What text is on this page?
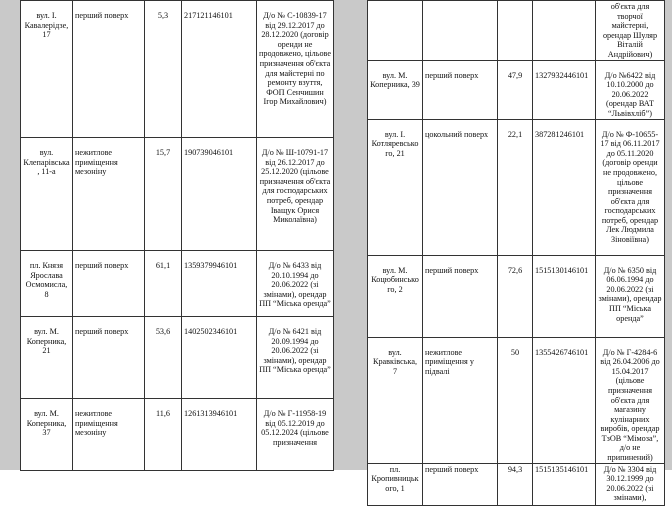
вул. І. Кавалерідзе, 17	перший поверх	5,3	217121146101	Д/о № С-10839-17 від 29.12.2017 до 28.12.2020 (договір оренди не продовжено, цільове призначення об'єкта для майстерні по ремонту взуття, ФОП Сенчишин Ігор Михайлович)
вул. Клепарівська, 11-а	нежитлове приміщення мезоніну	15,7	190739046101	Д/о № Ш-10791-17 від 26.12.2017 до 25.12.2020 (цільове призначення об'єкта для господарських потреб, орендар Іващук Орися Миколаївна)
пл. Князя Ярослава Осмомисла, 8	перший поверх	61,1	1359379946101	Д/о № 6433 від 20.10.1994 до 20.06.2022 (зі змінами), орендар ПП “Міська оренда”
вул. М. Коперника, 21	перший поверх	53,6	1402502346101	Д/о № 6421 від 20.09.1994 до 20.06.2022 (зі змінами), орендар ПП “Міська оренда”
вул. М. Коперника, 37	нежитлове приміщення мезоніну	11,6	1261313946101	Д/о № Г-11958-19 від 05.12.2019 до 05.12.2024 (цільове призначення
				об'єкта для творчої майстерні, орендар Шуляр Віталій Андрійович)
вул. М. Коперника, 39	перший поверх	47,9	1327932446101	Д/о №6422 від 10.10.2000 до 20.06.2022 (орендар ВАТ “Львівхліб”)
вул. І. Котляревського, 21	цокольний поверх	22,1	387281246101	Д/о № Ф-10655-17 від 06.11.2017 до 05.11.2020 (договір оренди не продовжено, цільове призначення об'єкта для господарських потреб, орендар Лек Людмила Зіновіївна)
вул. М. Коцюбинського, 2	перший поверх	72,6	1515130146101	Д/о № 6350 від 06.06.1994 до 20.06.2022 (зі змінами), орендар ПП “Міська оренда”
вул. Кравківська, 7	нежитлове приміщення у підвалі	50	1355426746101	Д/о № Г-4284-6 від 26.04.2006 до 15.04.2017 (цільове призначення об'єкта для магазину кулінарних виробів, орендар ТзОВ “Мімоза”, д/о не припинений)
пл. Кропивницького, 1	перший поверх	94,3	1515135146101	Д/о № 3304 від 30.12.1999 до 20.06.2022 (зі змінами),
